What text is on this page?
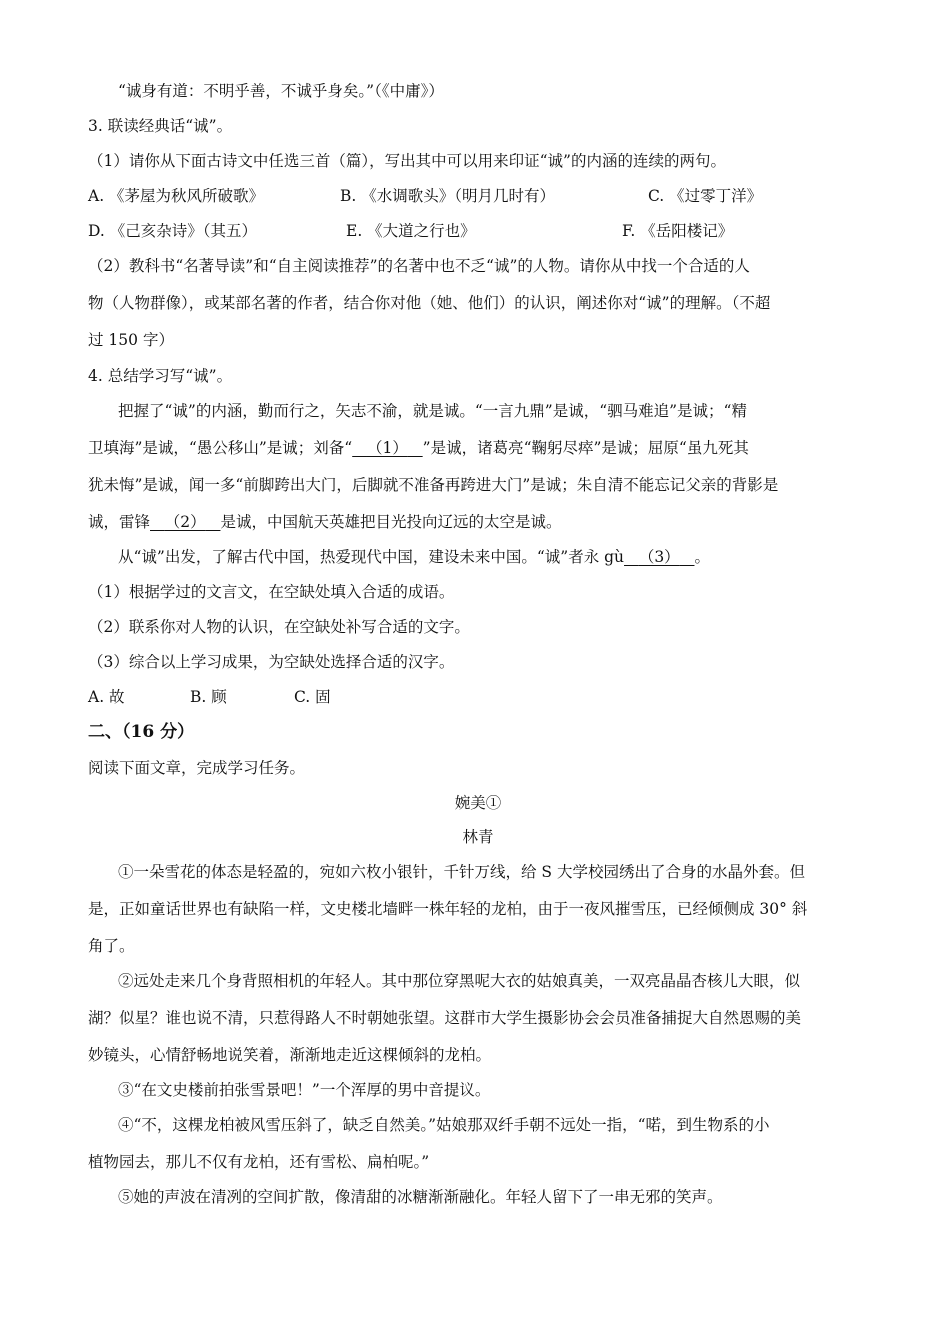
“诚身有道：不明乎善，不诚乎身矣。”（《中庸》）
3. 联读经典话“诚”。
（1）请你从下面古诗文中任选三首（篇），写出其中可以用来印证“诚”的内涵的连续的两句。
A. 《茅屋为秋风所破歌》	B. 《水调歌头》（明月几时有）	C. 《过零丁洋》
D. 《己亥杂诗》（其五）	E. 《大道之行也》	F. 《岳阳楼记》
（2）教科书“名著导读”和“自主阅读推荐”的名著中也不乏“诚”的人物。请你从中找一个合适的人
物（人物群像），或某部名著的作者，结合你对他（她、他们）的认识，阐述你对“诚”的理解。（不超
过 150 字）
4. 总结学习写“诚”。
把握了“诚”的内涵，勤而行之，矢志不渝，就是诚。“一言九鼎”是诚，“驷马难追”是诚；“精
卫填海”是诚，“愚公移山”是诚；刘备“ （1） ”是诚，诸葛亮“鞠躬尽瘁”是诚；屈原“虽九死其
犹未悔”是诚，闻一多“前脚跨出大门，后脚就不准备再跨进大门”是诚；朱自清不能忘记父亲的背影是
诚，雷锋 （2） 是诚，中国航天英雄把目光投向辽远的太空是诚。
从“诚”出发，了解古代中国，热爱现代中国，建设未来中国。“诚”者永 gù （3） 。
（1）根据学过的文言文，在空缺处填入合适的成语。
（2）联系你对人物的认识，在空缺处补写合适的文字。
（3）综合以上学习成果，为空缺处选择合适的汉字。
A. 故	B. 顾	C. 固
二、（16 分）
阅读下面文章，完成学习任务。
婉美①
林青
①一朵雪花的体态是轻盈的，宛如六枚小银针，千针万线，给 S 大学校园绣出了合身的水晶外套。但
是，正如童话世界也有缺陷一样，文史楼北墙畔一株年轻的龙柏，由于一夜风摧雪压，已经倾侧成 30° 斜
角了。
②远处走来几个身背照相机的年轻人。其中那位穿黑呢大衣的姑娘真美，一双亮晶晶杏核儿大眼，似
湖？似星？谁也说不清，只惹得路人不时朝她张望。这群市大学生摄影协会会员准备捕捉大自然恩赐的美
妙镜头，心情舒畅地说笑着，渐渐地走近这棵倾斜的龙柏。
③“在文史楼前拍张雪景吧！”一个浑厚的男中音提议。
④“不，这棵龙柏被风雪压斜了，缺乏自然美。”姑娘那双纤手朝不远处一指，“喏，到生物系的小
植物园去，那儿不仅有龙柏，还有雪松、扁柏呢。”
⑤她的声波在清冽的空间扩散，像清甜的冰糖渐渐融化。年轻人留下了一串无邪的笑声。
